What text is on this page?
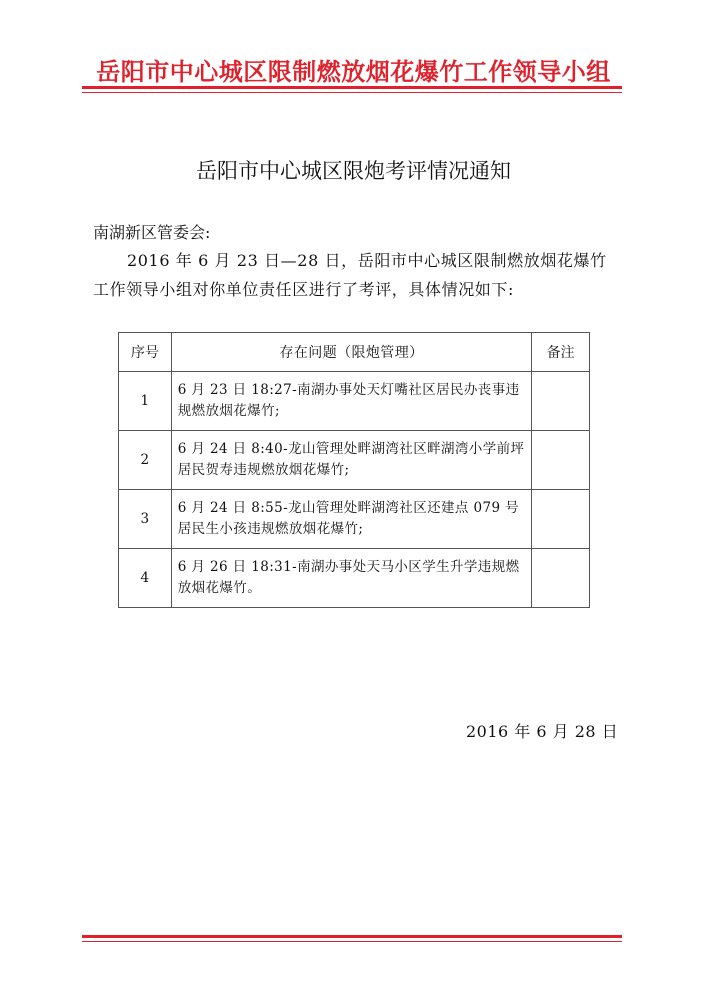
岳阳市中心城区限制燃放烟花爆竹工作领导小组
岳阳市中心城区限炮考评情况通知
南湖新区管委会:
2016 年 6 月 23 日—28 日，岳阳市中心城区限制燃放烟花爆竹工作领导小组对你单位责任区进行了考评，具体情况如下:
序号	存在问题（限炮管理）	备注
1	6 月 23 日 18:27-南湖办事处天灯嘴社区居民办丧事违规燃放烟花爆竹;	
2	6 月 24 日 8:40-龙山管理处畔湖湾社区畔湖湾小学前坪居民贺寿违规燃放烟花爆竹;	
3	6 月 24 日 8:55-龙山管理处畔湖湾社区还建点 079 号居民生小孩违规燃放烟花爆竹;	
4	6 月 26 日 18:31-南湖办事处天马小区学生升学违规燃放烟花爆竹。	
2016 年 6 月 28 日
